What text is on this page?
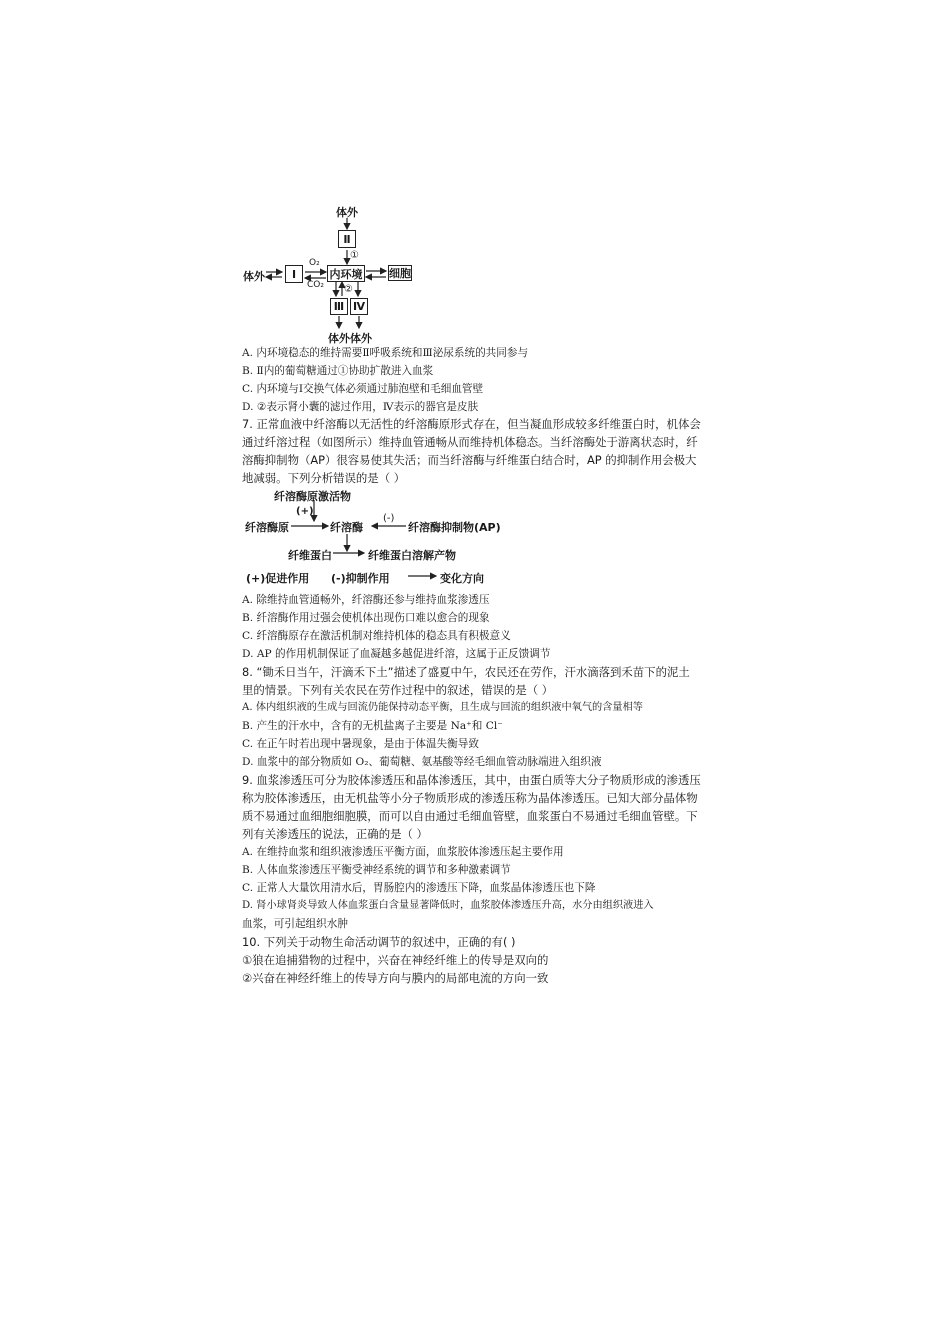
体外
Ⅱ
①
体外	Ⅰ
O₂
CO₂
内环境 细胞
②
Ⅲ Ⅳ
体外 体外
A. 内环境稳态的维持需要Ⅱ呼吸系统和Ⅲ泌尿系统的共同参与
B. Ⅱ内的葡萄糖通过①协助扩散进入血浆
C. 内环境与Ⅰ交换气体必须通过肺泡壁和毛细血管壁
D. ②表示肾小囊的滤过作用，Ⅳ表示的器官是皮肤
7. 正常血液中纤溶酶以无活性的纤溶酶原形式存在，但当凝血形成较多纤维蛋白时，机体会
通过纤溶过程（如图所示）维持血管通畅从而维持机体稳态。当纤溶酶处于游离状态时，纤
溶酶抑制物（AP）很容易使其失活；而当纤溶酶与纤维蛋白结合时，AP 的抑制作用会极大
地减弱。下列分析错误的是（ ）
纤溶酶原激活物
(+)
(-)
纤溶酶原	纤溶酶	纤溶酶抑制物(AP)
纤维蛋白	纤维蛋白溶解产物
(+)促进作用 (-)抑制作用	变化方向
A. 除维持血管通畅外，纤溶酶还参与维持血浆渗透压
B. 纤溶酶作用过强会使机体出现伤口难以愈合的现象
C. 纤溶酶原存在激活机制对维持机体的稳态具有积极意义
D. AP 的作用机制保证了血凝越多越促进纤溶，这属于正反馈调节
8. “锄禾日当午，汗滴禾下土”描述了盛夏中午，农民还在劳作，汗水滴落到禾苗下的泥土
里的情景。下列有关农民在劳作过程中的叙述，错误的是（ ）
A. 体内组织液的生成与回流仍能保持动态平衡，且生成与回流的组织液中氧气的含量相等
B. 产生的汗水中，含有的无机盐离子主要是 Na⁺和 Cl⁻
C. 在正午时若出现中暑现象，是由于体温失衡导致
D. 血浆中的部分物质如 O₂、葡萄糖、氨基酸等经毛细血管动脉端进入组织液
9. 血浆渗透压可分为胶体渗透压和晶体渗透压，其中，由蛋白质等大分子物质形成的渗透压
称为胶体渗透压，由无机盐等小分子物质形成的渗透压称为晶体渗透压。已知大部分晶体物
质不易通过血细胞细胞膜，而可以自由通过毛细血管壁，血浆蛋白不易通过毛细血管壁。下
列有关渗透压的说法，正确的是（ ）
A. 在维持血浆和组织液渗透压平衡方面，血浆胶体渗透压起主要作用
B. 人体血浆渗透压平衡受神经系统的调节和多种激素调节
C. 正常人大量饮用清水后，胃肠腔内的渗透压下降，血浆晶体渗透压也下降
D. 肾小球肾炎导致人体血浆蛋白含量显著降低时，血浆胶体渗透压升高，水分由组织液进入
血浆，可引起组织水肿
10. 下列关于动物生命活动调节的叙述中，正确的有( )
①狼在追捕猎物的过程中，兴奋在神经纤维上的传导是双向的
②兴奋在神经纤维上的传导方向与膜内的局部电流的方向一致
